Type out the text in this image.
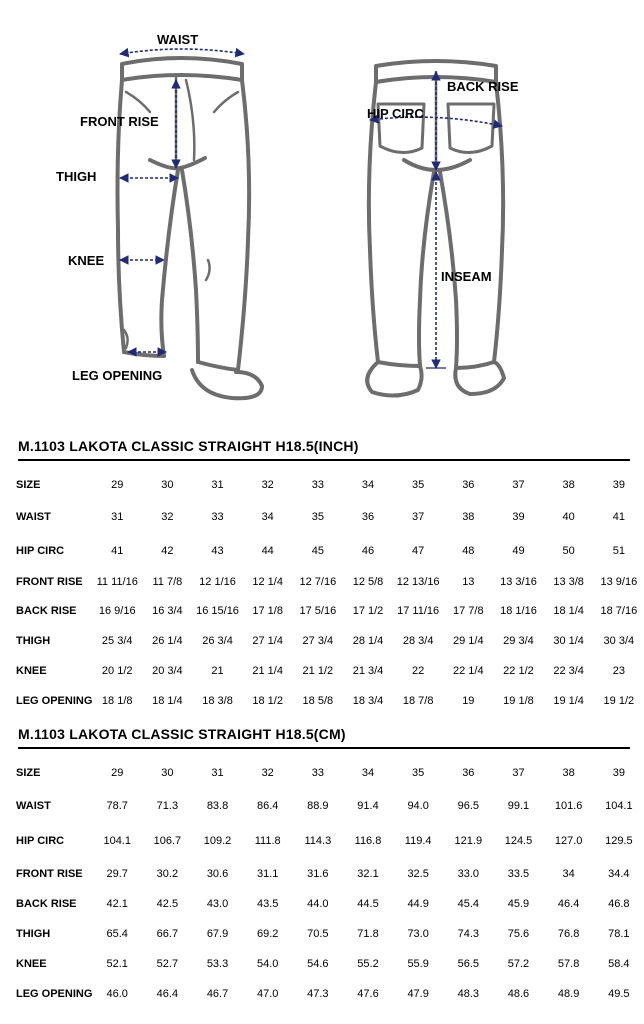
WAIST
FRONT RISE
THIGH
KNEE
LEG OPENING
BACK RISE
HIP CIRC
INSEAM
M.1103 LAKOTA CLASSIC STRAIGHT H18.5(INCH)
SIZE	29	30	31	32	33	34	35	36	37	38	39
WAIST	31	32	33	34	35	36	37	38	39	40	41
HIP CIRC	41	42	43	44	45	46	47	48	49	50	51
FRONT RISE	11 11/16	11 7/8	12 1/16	12 1/4	12 7/16	12 5/8	12 13/16	13	13 3/16	13 3/8	13 9/16
BACK RISE	16 9/16	16 3/4	16 15/16	17 1/8	17 5/16	17 1/2	17 11/16	17 7/8	18 1/16	18 1/4	18 7/16
THIGH	25 3/4	26 1/4	26 3/4	27 1/4	27 3/4	28 1/4	28 3/4	29 1/4	29 3/4	30 1/4	30 3/4
KNEE	20 1/2	20 3/4	21	21 1/4	21 1/2	21 3/4	22	22 1/4	22 1/2	22 3/4	23
LEG OPENING	18 1/8	18 1/4	18 3/8	18 1/2	18 5/8	18 3/4	18 7/8	19	19 1/8	19 1/4	19 1/2
M.1103 LAKOTA CLASSIC STRAIGHT H18.5(CM)
SIZE	29	30	31	32	33	34	35	36	37	38	39
WAIST	78.7	71.3	83.8	86.4	88.9	91.4	94.0	96.5	99.1	101.6	104.1
HIP CIRC	104.1	106.7	109.2	111.8	114.3	116.8	119.4	121.9	124.5	127.0	129.5
FRONT RISE	29.7	30.2	30.6	31.1	31.6	32.1	32.5	33.0	33.5	34	34.4
BACK RISE	42.1	42.5	43.0	43.5	44.0	44.5	44.9	45.4	45.9	46.4	46.8
THIGH	65.4	66.7	67.9	69.2	70.5	71.8	73.0	74.3	75.6	76.8	78.1
KNEE	52.1	52.7	53.3	54.0	54.6	55.2	55.9	56.5	57.2	57.8	58.4
LEG OPENING	46.0	46.4	46.7	47.0	47.3	47.6	47.9	48.3	48.6	48.9	49.5
